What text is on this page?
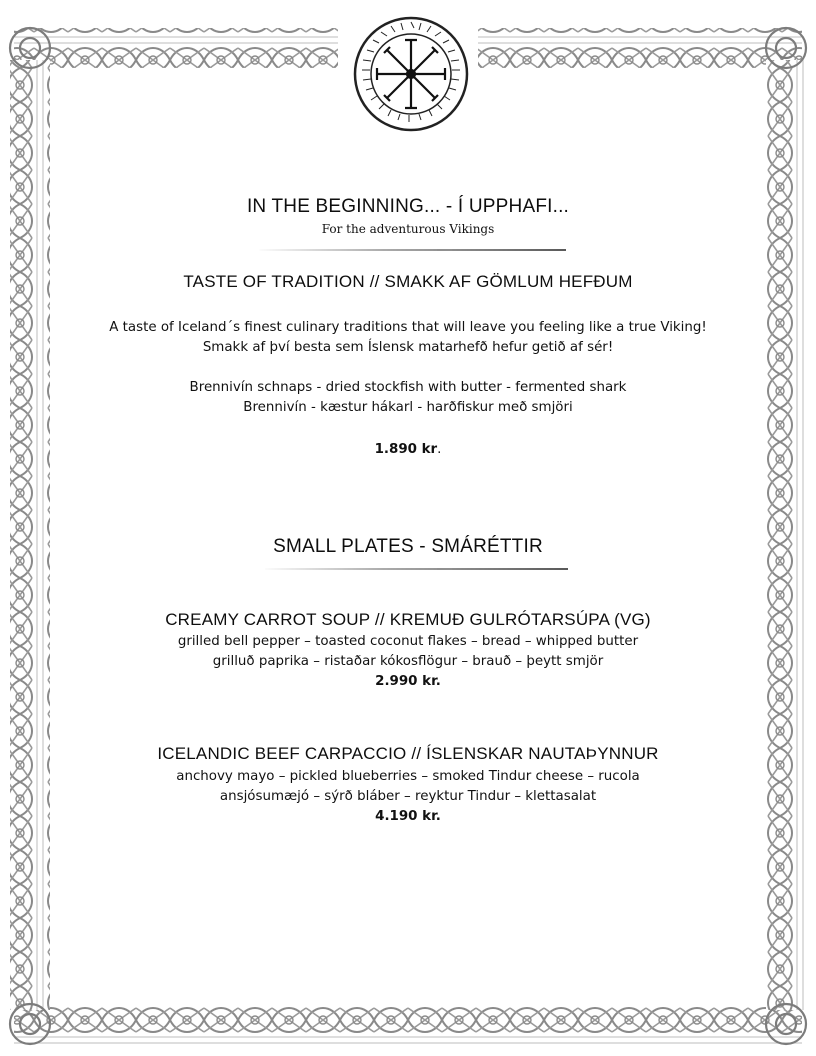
IN THE BEGINNING... - Í UPPHAFI...
For the adventurous Vikings
TASTE OF TRADITION // SMAKK AF GÖMLUM HEFÐUM
A taste of Iceland´s finest culinary traditions that will leave you feeling like a true Viking!
Smakk af því besta sem Íslensk matarhefð hefur getið af sér!
Brennivín schnaps - dried stockfish with butter - fermented shark
Brennivín - kæstur hákarl - harðfiskur með smjöri
1.890 kr.
SMALL PLATES - SMÁRÉTTIR
CREAMY CARROT SOUP // KREMUÐ GULRÓTARSÚPA (VG)
grilled bell pepper – toasted coconut flakes – bread – whipped butter
grilluð paprika – ristaðar kókosflögur – brauð – þeytt smjör
2.990 kr.
ICELANDIC BEEF CARPACCIO // ÍSLENSKAR NAUTAÞYNNUR
anchovy mayo – pickled blueberries – smoked Tindur cheese – rucola
ansjósumæjó – sýrð bláber – reyktur Tindur – klettasalat
4.190 kr.
